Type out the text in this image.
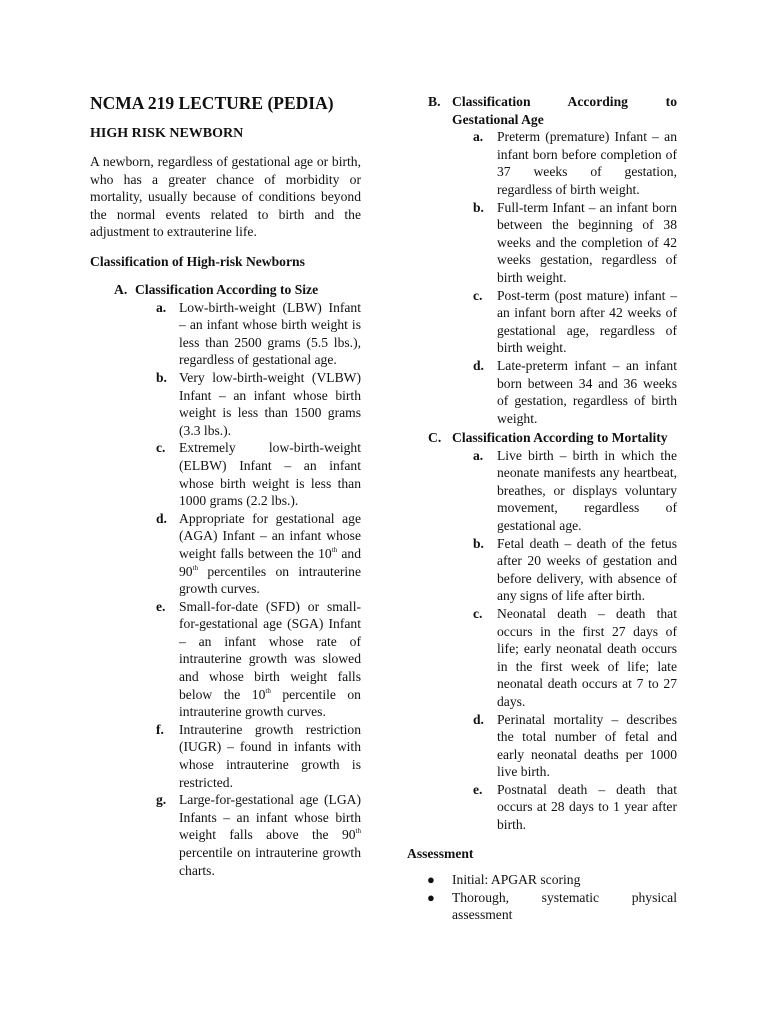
NCMA 219 LECTURE (PEDIA)
HIGH RISK NEWBORN
A newborn, regardless of gestational age or birth, who has a greater chance of morbidity or mortality, usually because of conditions beyond the normal events related to birth and the adjustment to extrauterine life.
Classification of High-risk Newborns
A. Classification According to Size
a. Low-birth-weight (LBW) Infant – an infant whose birth weight is less than 2500 grams (5.5 lbs.), regardless of gestational age.
b. Very low-birth-weight (VLBW) Infant – an infant whose birth weight is less than 1500 grams (3.3 lbs.).
c. Extremely low-birth-weight (ELBW) Infant – an infant whose birth weight is less than 1000 grams (2.2 lbs.).
d. Appropriate for gestational age (AGA) Infant – an infant whose weight falls between the 10th and 90th percentiles on intrauterine growth curves.
e. Small-for-date (SFD) or small-for-gestational age (SGA) Infant – an infant whose rate of intrauterine growth was slowed and whose birth weight falls below the 10th percentile on intrauterine growth curves.
f. Intrauterine growth restriction (IUGR) – found in infants with whose intrauterine growth is restricted.
g. Large-for-gestational age (LGA) Infants – an infant whose birth weight falls above the 90th percentile on intrauterine growth charts.
B. Classification According to Gestational Age
a. Preterm (premature) Infant – an infant born before completion of 37 weeks of gestation, regardless of birth weight.
b. Full-term Infant – an infant born between the beginning of 38 weeks and the completion of 42 weeks gestation, regardless of birth weight.
c. Post-term (post mature) infant – an infant born after 42 weeks of gestational age, regardless of birth weight.
d. Late-preterm infant – an infant born between 34 and 36 weeks of gestation, regardless of birth weight.
C. Classification According to Mortality
a. Live birth – birth in which the neonate manifests any heartbeat, breathes, or displays voluntary movement, regardless of gestational age.
b. Fetal death – death of the fetus after 20 weeks of gestation and before delivery, with absence of any signs of life after birth.
c. Neonatal death – death that occurs in the first 27 days of life; early neonatal death occurs in the first week of life; late neonatal death occurs at 7 to 27 days.
d. Perinatal mortality – describes the total number of fetal and early neonatal deaths per 1000 live birth.
e. Postnatal death – death that occurs at 28 days to 1 year after birth.
Assessment
● Initial: APGAR scoring
● Thorough, systematic physical assessment
